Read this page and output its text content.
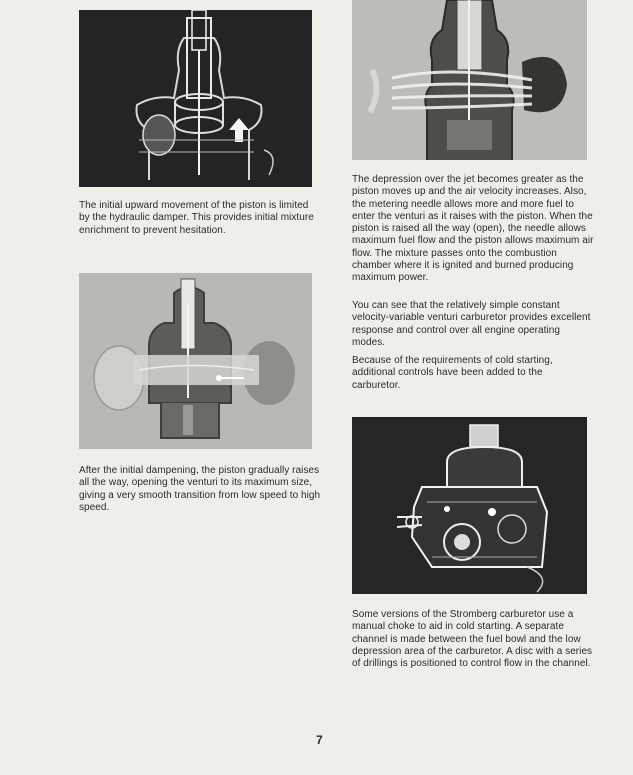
The initial upward movement of the piston is limited by the hydraulic damper. This provides initial mixture enrichment to prevent hesitation.

After the initial dampening, the piston gradually raises all the way, opening the venturi to its maximum size, giving a very smooth transition from low speed to high speed.

The depression over the jet becomes greater as the piston moves up and the air velocity increases. Also, the metering needle allows more and more fuel to enter the venturi as it raises with the piston. When the piston is raised all the way (open), the needle allows maximum fuel flow and the piston allows maximum air flow. The mixture passes onto the combustion chamber where it is ignited and burned producing maximum power.

You can see that the relatively simple constant velocity-variable venturi carburetor provides excellent response and control over all engine operating modes.

Because of the requirements of cold starting, additional controls have been added to the carburetor.

Some versions of the Stromberg carburetor use a manual choke to aid in cold starting. A separate channel is made between the fuel bowl and the low depression area of the carburetor. A disc with a series of drillings is positioned to control flow in the channel.

7
